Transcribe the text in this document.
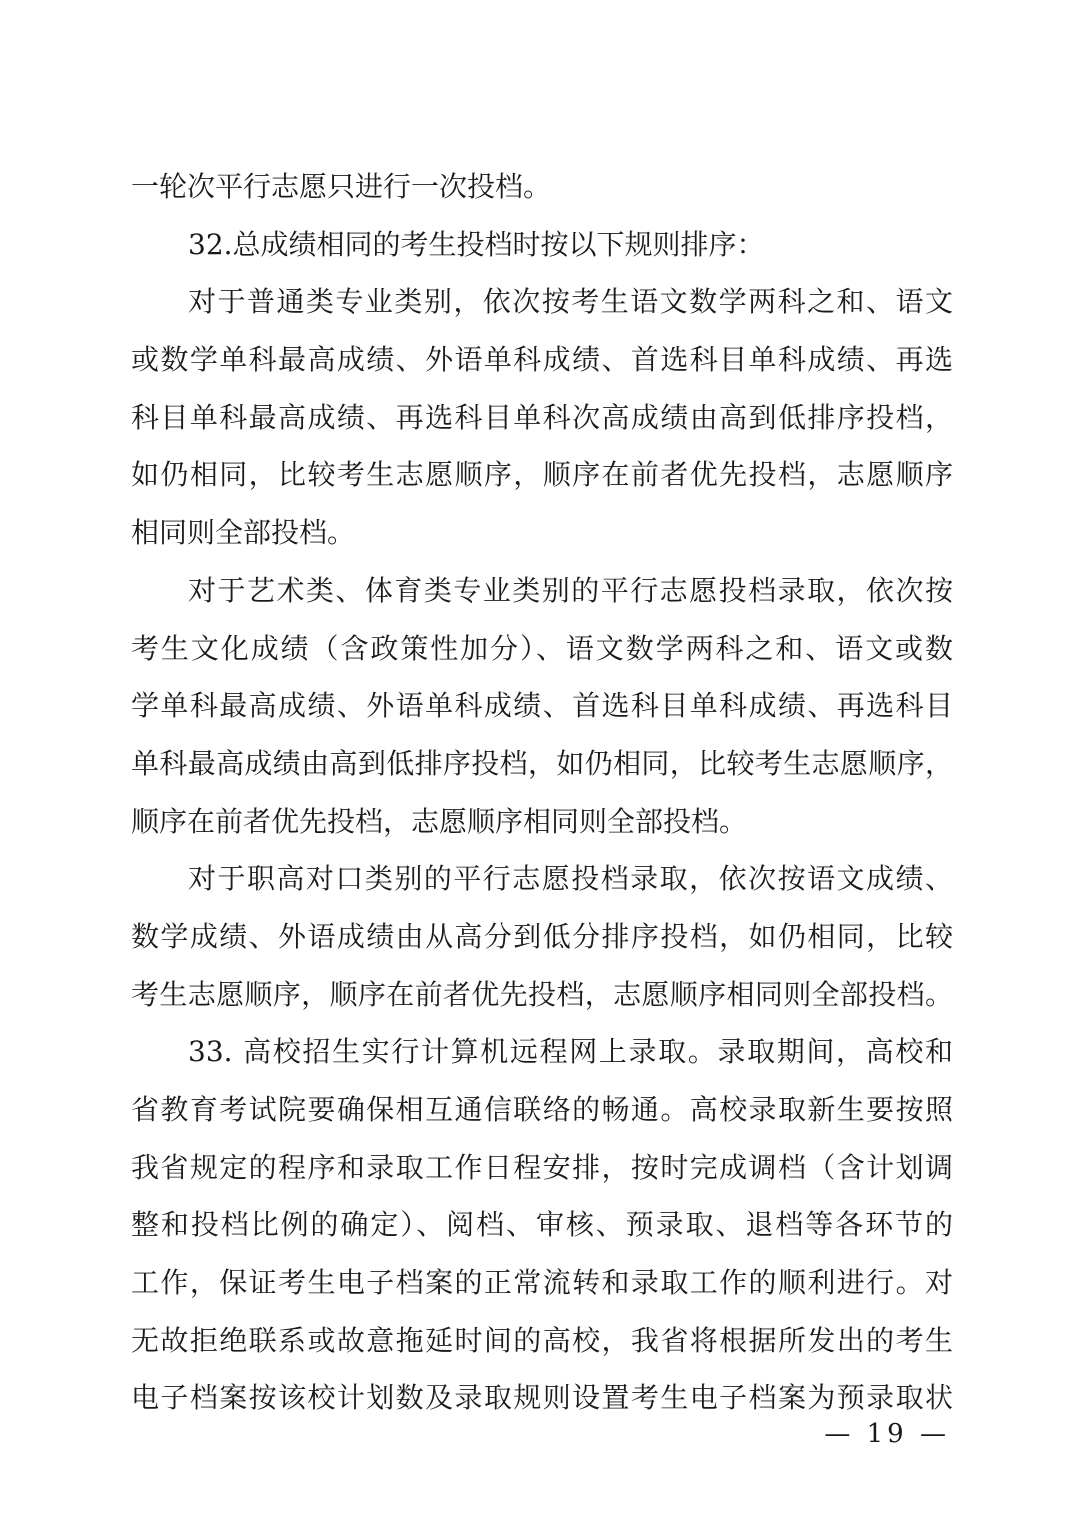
一轮次平行志愿只进行一次投档。
32.总成绩相同的考生投档时按以下规则排序：
对于普通类专业类别，依次按考生语文数学两科之和、语文
或数学单科最高成绩、外语单科成绩、首选科目单科成绩、再选
科目单科最高成绩、再选科目单科次高成绩由高到低排序投档，
如仍相同，比较考生志愿顺序，顺序在前者优先投档，志愿顺序
相同则全部投档。
对于艺术类、体育类专业类别的平行志愿投档录取，依次按
考生文化成绩（含政策性加分）、语文数学两科之和、语文或数
学单科最高成绩、外语单科成绩、首选科目单科成绩、再选科目
单科最高成绩由高到低排序投档，如仍相同，比较考生志愿顺序，
顺序在前者优先投档，志愿顺序相同则全部投档。
对于职高对口类别的平行志愿投档录取，依次按语文成绩、
数学成绩、外语成绩由从高分到低分排序投档，如仍相同，比较
考生志愿顺序，顺序在前者优先投档，志愿顺序相同则全部投档。
33. 高校招生实行计算机远程网上录取。录取期间，高校和
省教育考试院要确保相互通信联络的畅通。高校录取新生要按照
我省规定的程序和录取工作日程安排，按时完成调档（含计划调
整和投档比例的确定）、阅档、审核、预录取、退档等各环节的
工作，保证考生电子档案的正常流转和录取工作的顺利进行。对
无故拒绝联系或故意拖延时间的高校，我省将根据所发出的考生
电子档案按该校计划数及录取规则设置考生电子档案为预录取状
— 19 —
